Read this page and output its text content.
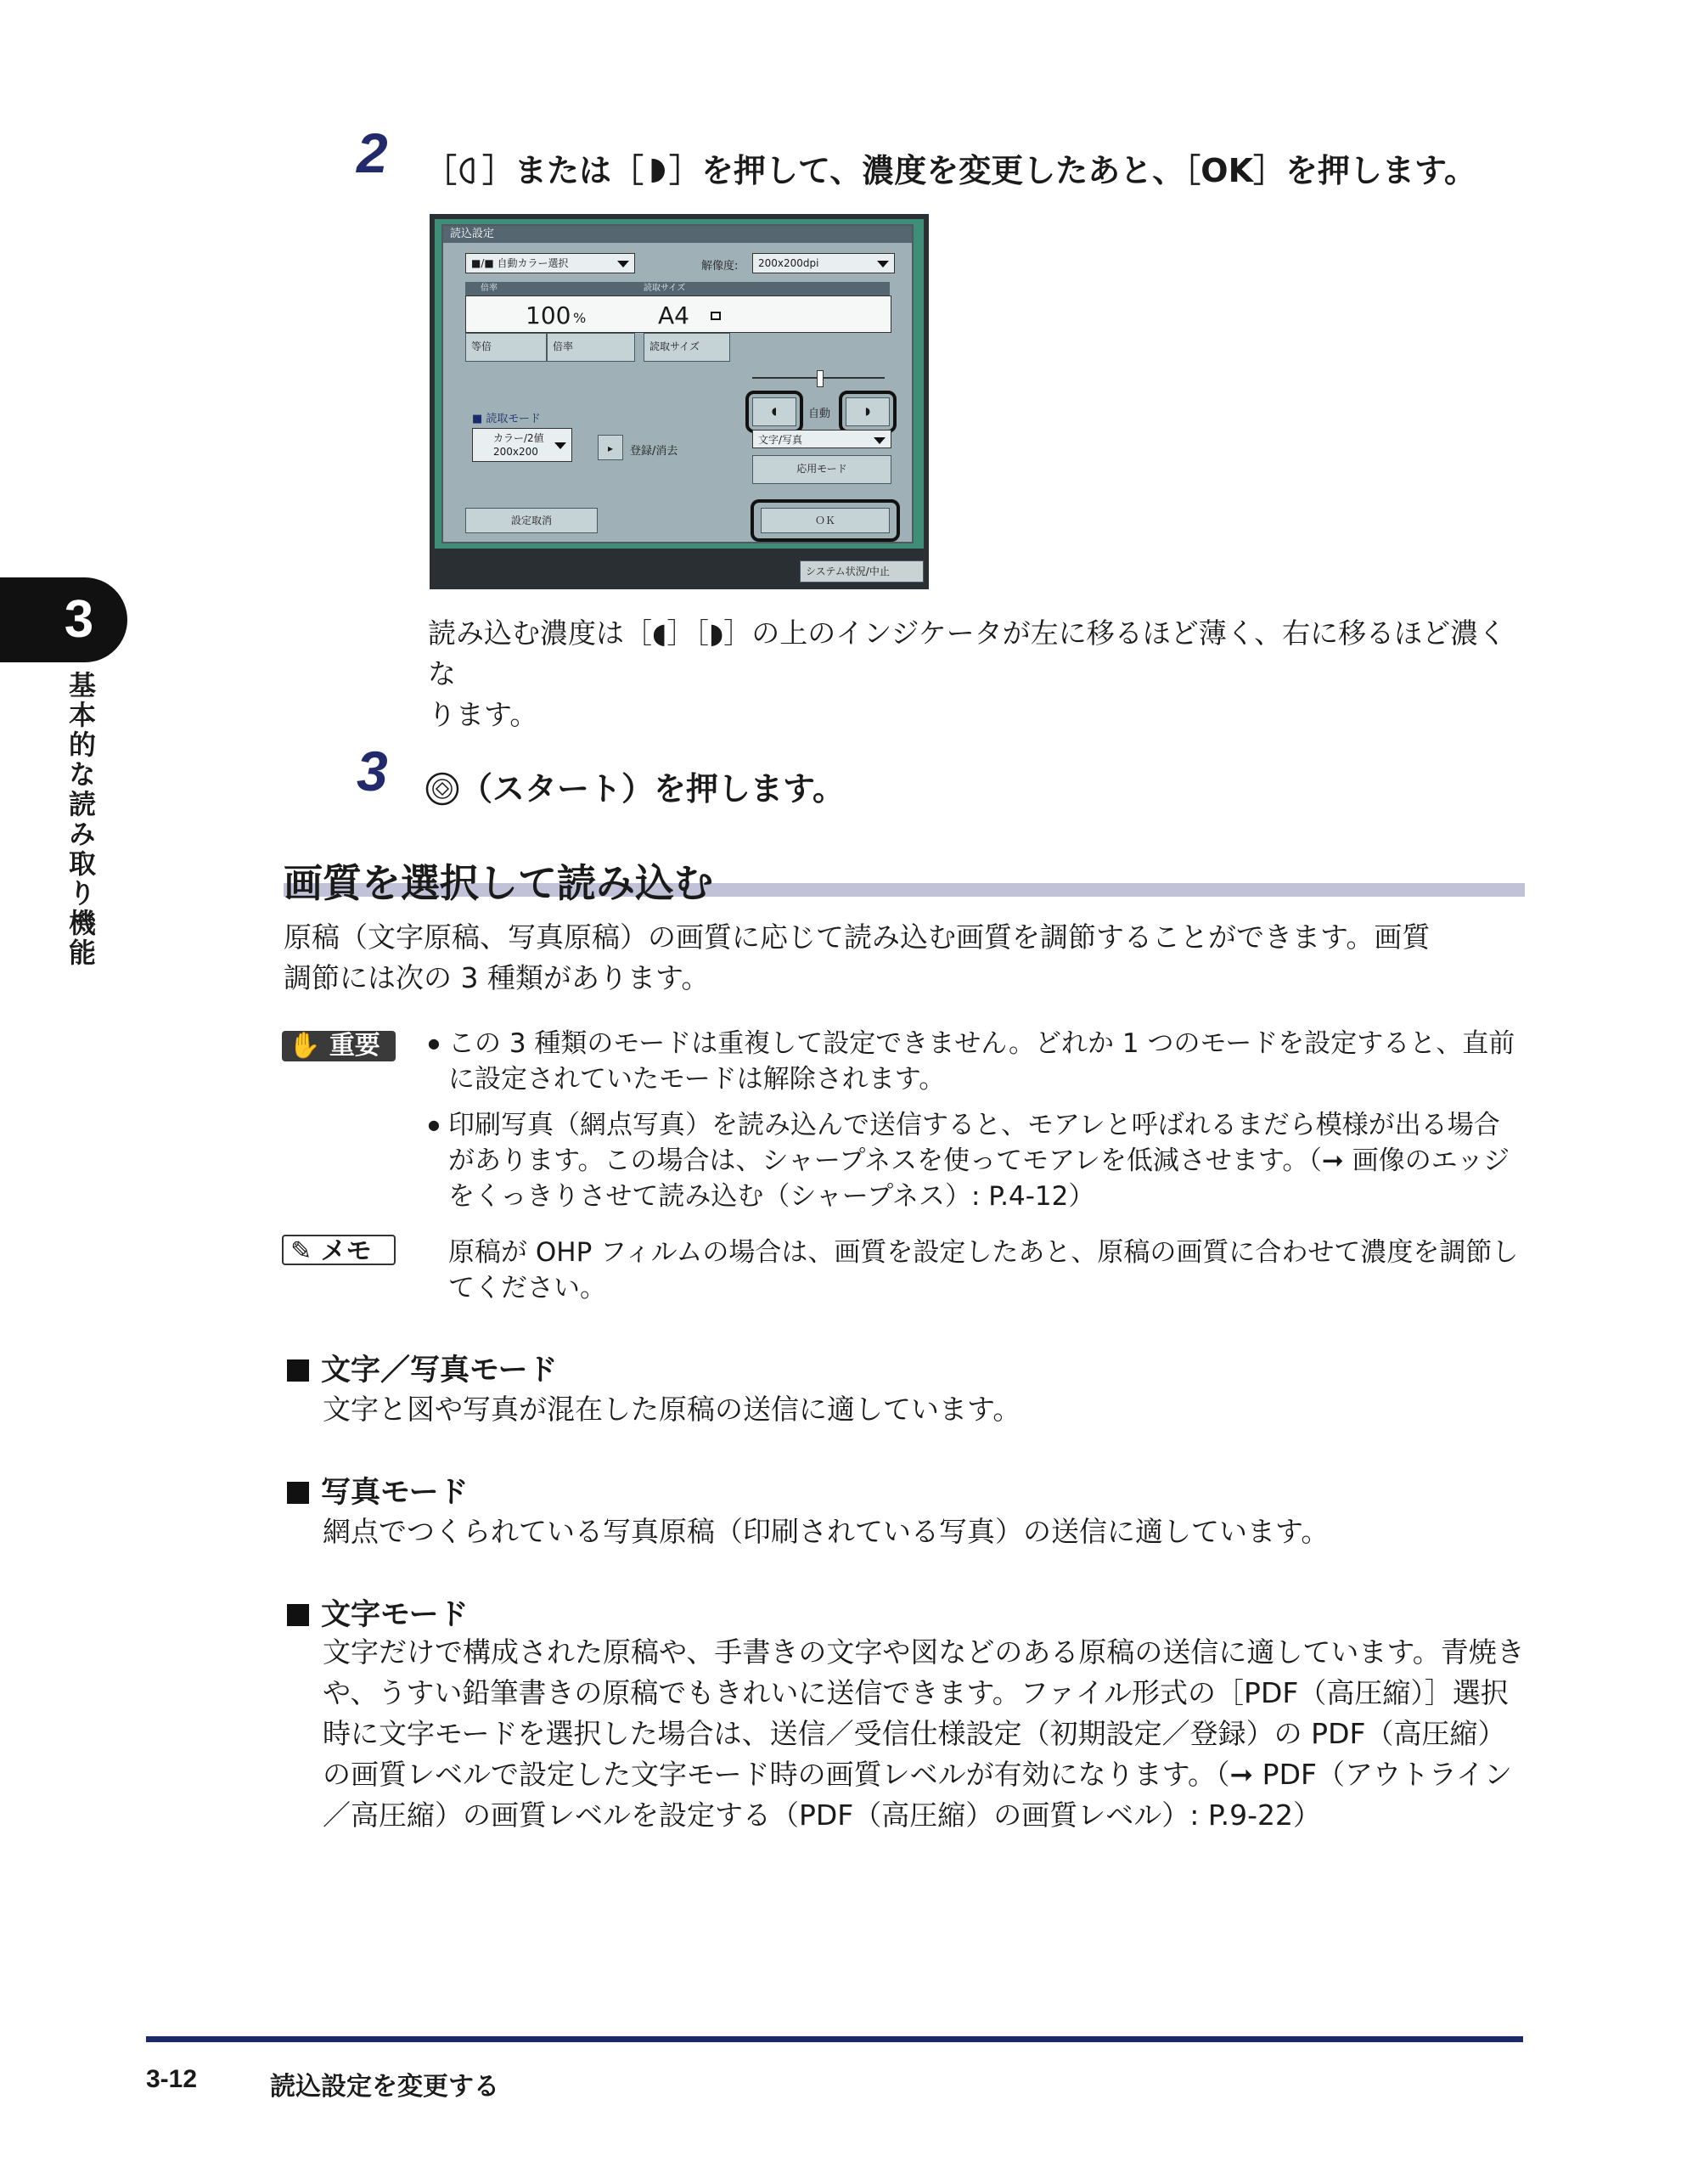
3
基本的な読み取り機能
2 ［ ］または［ ］を押して、濃度を変更したあと、［OK］を押します。
読込設定
■/■ 自動カラー選択	解像度:	200x200dpi
倍率	読取サイズ
100 %	A4
等倍	倍率	読取サイズ
◖	自動	◗
■ 読取モード
カラー/2値
200x200	▸	登録/消去
文字/写真
応用モード
設定取消	ＯＫ
システム状況/中止
読み込む濃度は［◖］［◗］の上のインジケータが左に移るほど薄く、右に移るほど濃くな
ります。
3	（スタート）を押します。
画質を選択して読み込む
原稿（文字原稿、写真原稿）の画質に応じて読み込む画質を調節することができます。画質
調節には次の 3 種類があります。
✋ 重要
●	この 3 種類のモードは重複して設定できません。どれか 1 つのモードを設定すると、直前に設定されていたモードは解除されます。
● 印刷写真（網点写真）を読み込んで送信すると、モアレと呼ばれるまだら模様が出る場合があります。この場合は、シャープネスを使ってモアレを低減させます。（➞ 画像のエッジをくっきりさせて読み込む（シャープネス）: P.4-12）
✎ メモ	原稿が OHP フィルムの場合は、画質を設定したあと、原稿の画質に合わせて濃度を調節してください。
文字／写真モード
文字と図や写真が混在した原稿の送信に適しています。
写真モード
網点でつくられている写真原稿（印刷されている写真）の送信に適しています。
文字モード
文字だけで構成された原稿や、手書きの文字や図などのある原稿の送信に適しています。青焼きや、うすい鉛筆書きの原稿でもきれいに送信できます。ファイル形式の［PDF（高圧縮）］選択時に文字モードを選択した場合は、送信／受信仕様設定（初期設定／登録）の PDF（高圧縮）の画質レベルで設定した文字モード時の画質レベルが有効になります。（➞ PDF（アウトライン／高圧縮）の画質レベルを設定する（PDF（高圧縮）の画質レベル）: P.9-22）
3-12	読込設定を変更する
